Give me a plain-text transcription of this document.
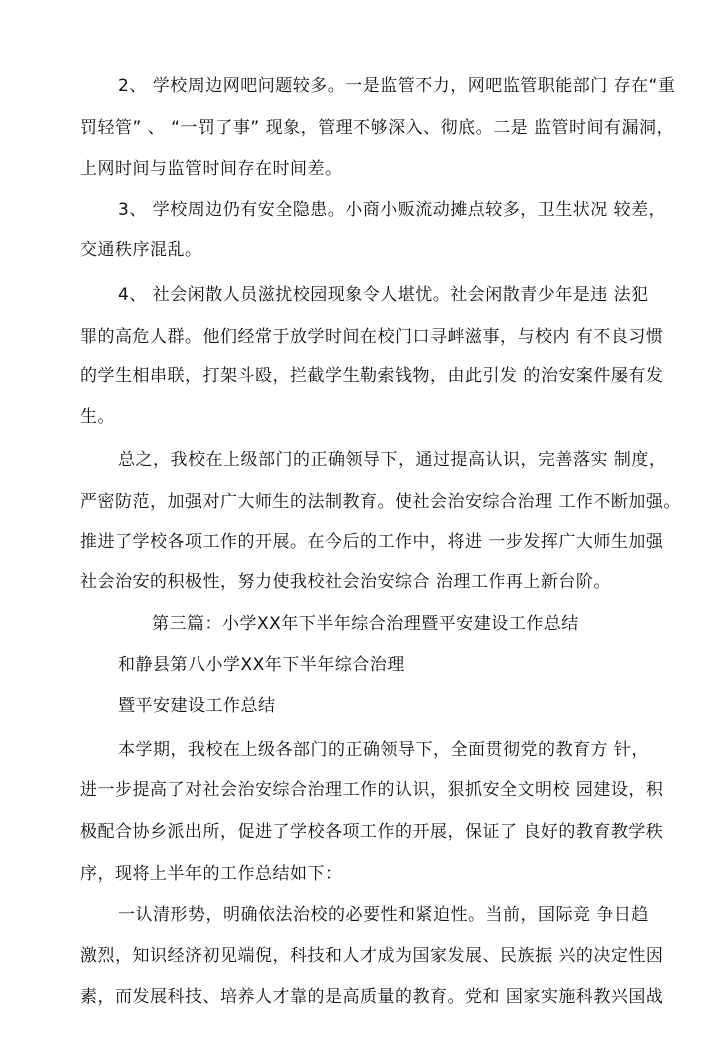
2、 学校周边网吧问题较多。一是监管不力，网吧监管职能部门 存在“重
罚轻管” 、 “一罚了事” 现象，管理不够深入、彻底。二是 监管时间有漏洞，
上网时间与监管时间存在时间差。
3、 学校周边仍有安全隐患。小商小贩流动摊点较多，卫生状况 较差，
交通秩序混乱。
4、 社会闲散人员滋扰校园现象令人堪忧。社会闲散青少年是违 法犯
罪的高危人群。他们经常于放学时间在校门口寻衅滋事，与校内 有不良习惯
的学生相串联，打架斗殴，拦截学生勒索钱物，由此引发 的治安案件屡有发
生。
总之，我校在上级部门的正确领导下，通过提高认识，完善落实 制度，
严密防范，加强对广大师生的法制教育。使社会治安综合治理 工作不断加强。
推进了学校各项工作的开展。在今后的工作中，将进 一步发挥广大师生加强
社会治安的积极性，努力使我校社会治安综合 治理工作再上新台阶。
第三篇：小学XX年下半年综合治理暨平安建设工作总结
和静县第八小学XX年下半年综合治理
暨平安建设工作总结
本学期，我校在上级各部门的正确领导下，全面贯彻党的教育方 针，
进一步提高了对社会治安综合治理工作的认识，狠抓安全文明校 园建设，积
极配合协乡派出所，促进了学校各项工作的开展，保证了 良好的教育教学秩
序，现将上半年的工作总结如下：
一认清形势，明确依法治校的必要性和紧迫性。当前，国际竞 争日趋
激烈，知识经济初见端倪，科技和人才成为国家发展、民族振 兴的决定性因
素，而发展科技、培养人才靠的是高质量的教育。党和 国家实施科教兴国战
